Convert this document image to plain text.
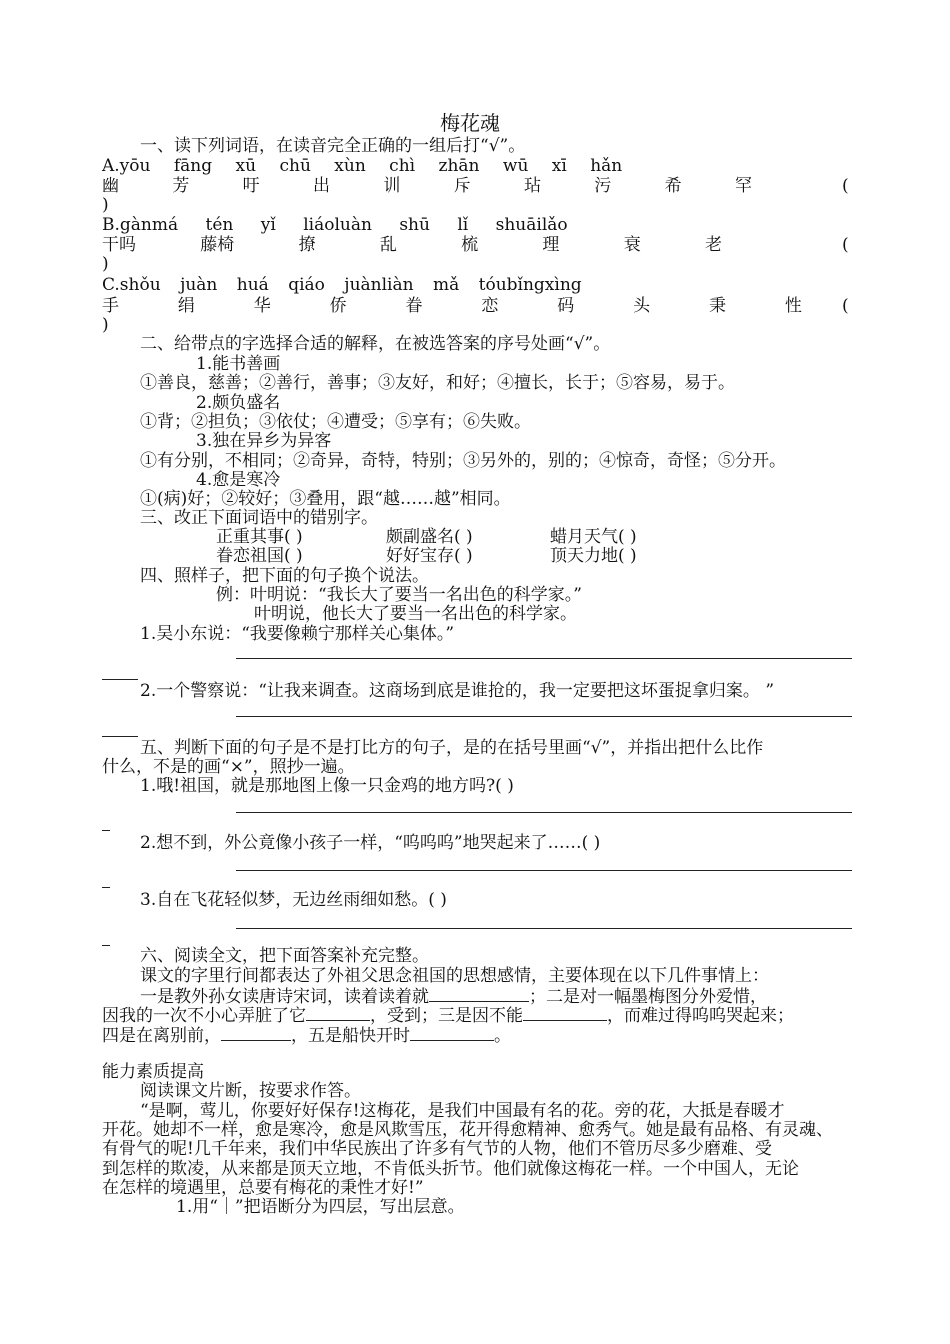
梅花魂
一、读下列词语，在读音完全正确的一组后打“√”。
A.yōu fāng xū chū xùn chì zhān wū xī hǎn
幽	芳	吁	出	训	斥	玷	污	希	罕	(
)
B.gànmá tén yǐ liáoluàn shū lǐ shuāilǎo
干吗	藤椅	撩	乱	梳	理	衰	老	(
)
C.shǒu juàn huá qiáo juànliàn mǎ tóubǐngxìng
手	绢	华	侨	眷	恋	码	头	秉	性 (
)
二、给带点的字选择合适的解释，在被选答案的序号处画“√”。
1.能书善画
①善良，慈善；②善行，善事；③友好，和好；④擅长，长于；⑤容易，易于。
2.颇负盛名
①背；②担负；③依仗；④遭受；⑤享有；⑥失败。
3.独在异乡为异客
①有分别，不相同；②奇异，奇特，特别；③另外的，别的；④惊奇，奇怪；⑤分开。
4.愈是寒冷
①(病)好；②较好；③叠用，跟“越……越”相同。
三、改正下面词语中的错别字。
正重其事( )	颇副盛名( )	蜡月天气( )
眷恋祖国( )	好好宝存( )	顶天力地( )
四、照样子，把下面的句子换个说法。
例：叶明说：“我长大了要当一名出色的科学家。”
叶明说，他长大了要当一名出色的科学家。
1.吴小东说：“我要像赖宁那样关心集体。”
2.一个警察说：“让我来调查。这商场到底是谁抢的，我一定要把这坏蛋捉拿归案。 ”
五、判断下面的句子是不是打比方的句子，是的在括号里画“√”，并指出把什么比作
什么，不是的画“×”，照抄一遍。
1.哦!祖国，就是那地图上像一只金鸡的地方吗?( )
2.想不到，外公竟像小孩子一样，“呜呜呜”地哭起来了……( )
3.自在飞花轻似梦，无边丝雨细如愁。( )
六、阅读全文，把下面答案补充完整。
课文的字里行间都表达了外祖父思念祖国的思想感情，主要体现在以下几件事情上：
一是教外孙女读唐诗宋词，读着读着就	；二是对一幅墨梅图分外爱惜，
因我的一次不小心弄脏了它	，受到；三是因不能	，而难过得呜呜哭起来；
四是在离别前，	，五是船快开时	。
能力素质提高
阅读课文片断，按要求作答。
“是啊，莺儿，你要好好保存!这梅花，是我们中国最有名的花。旁的花，大抵是春暖才
开花。她却不一样，愈是寒冷，愈是风欺雪压，花开得愈精神、愈秀气。她是最有品格、有灵魂、
有骨气的呢!几千年来，我们中华民族出了许多有气节的人物，他们不管历尽多少磨难、受
到怎样的欺凌，从来都是顶天立地，不肯低头折节。他们就像这梅花一样。一个中国人，无论
在怎样的境遇里，总要有梅花的秉性才好!”
1.用“｜”把语断分为四层，写出层意。
